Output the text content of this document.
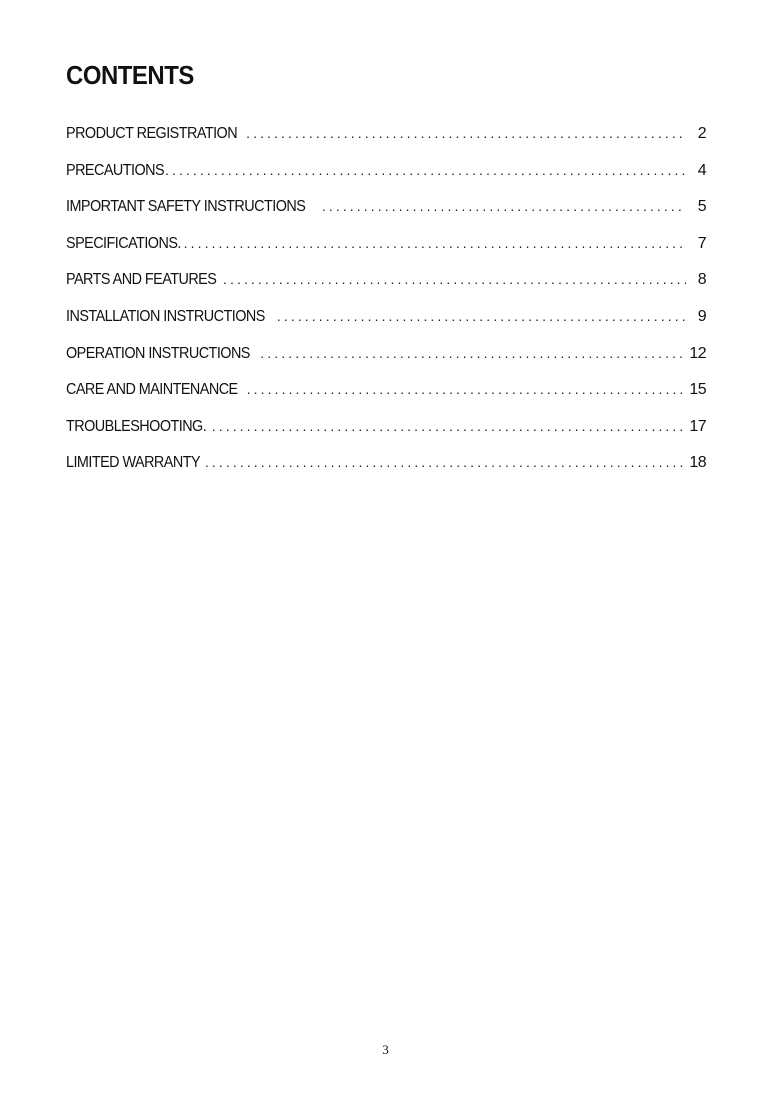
CONTENTS
PRODUCT REGISTRATION . . .	2
PRECAUTIONS . . .	4
IMPORTANT SAFETY INSTRUCTIONS . . .	5
SPECIFICATIONS. . . .	7
PARTS AND FEATURES . . .	8
INSTALLATION INSTRUCTIONS . . .	9
OPERATION INSTRUCTIONS . . .	12
CARE AND MAINTENANCE . . .	15
TROUBLESHOOTING. . . .	17
LIMITED WARRANTY . . .	18
3
